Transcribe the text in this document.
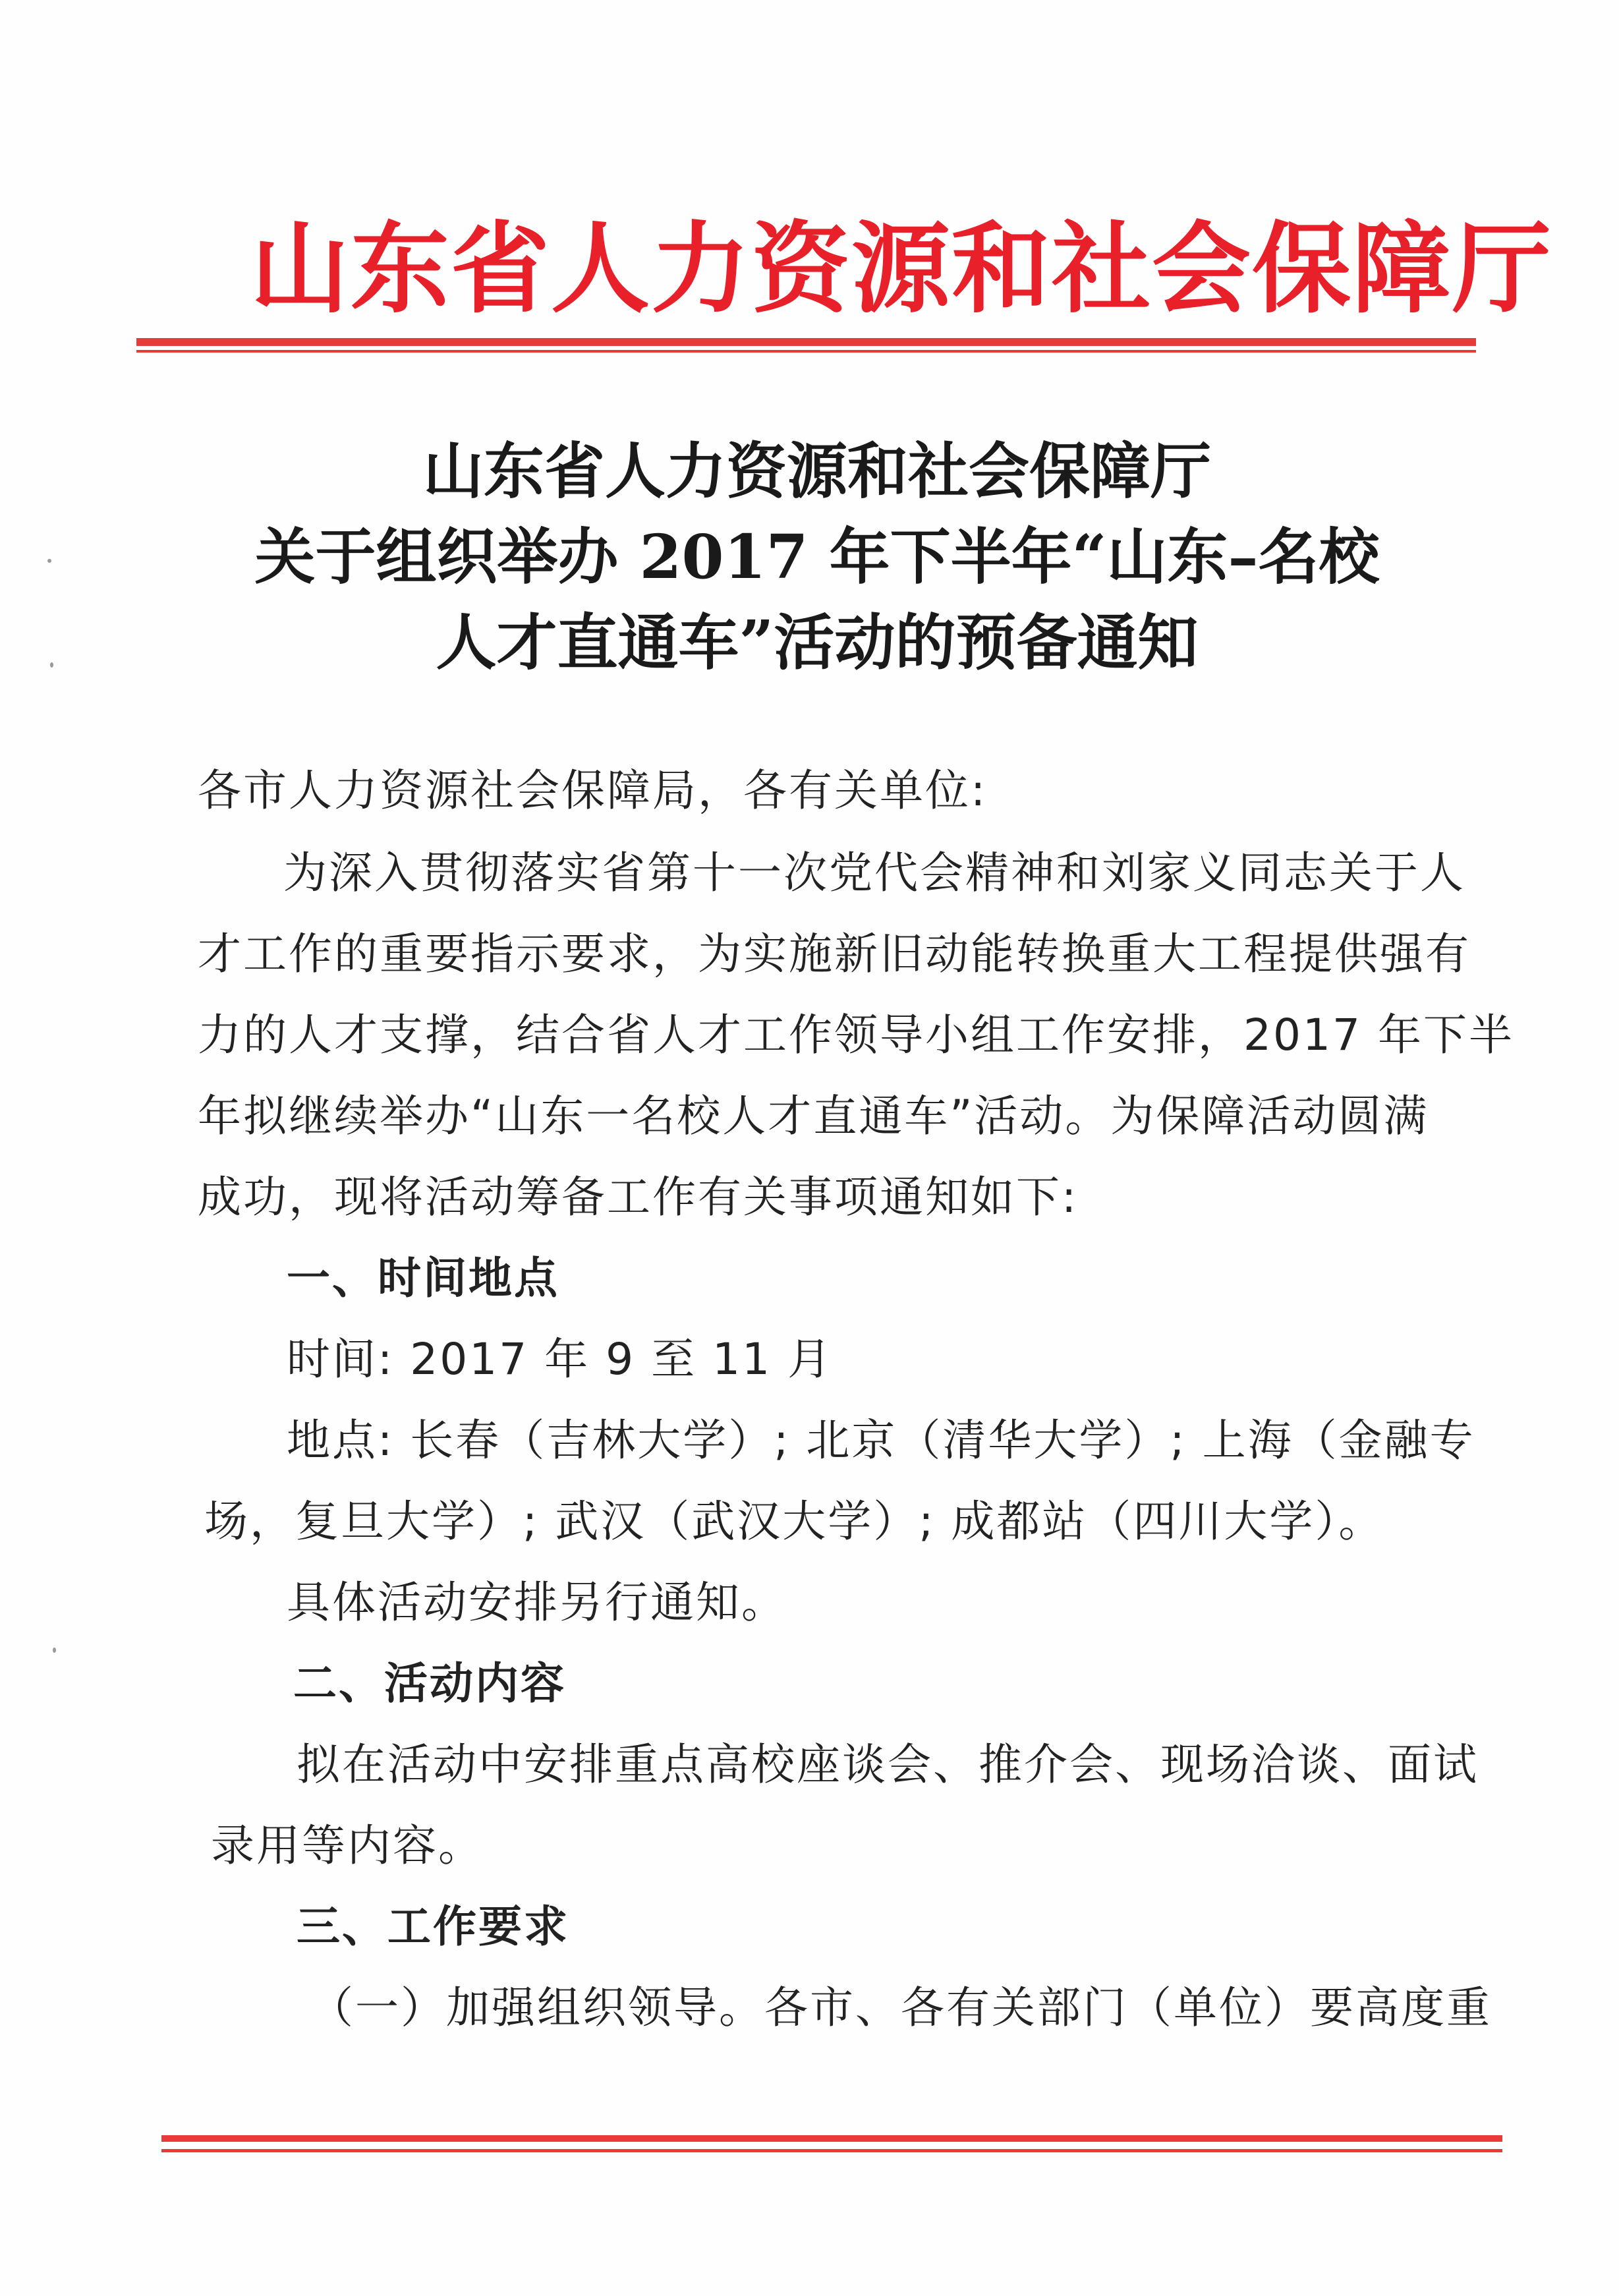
山东省人力资源和社会保障厅
山东省人力资源和社会保障厅
关于组织举办 2017 年下半年“山东–名校
人才直通车”活动的预备通知
各市人力资源社会保障局，各有关单位:
为深入贯彻落实省第十一次党代会精神和刘家义同志关于人
才工作的重要指示要求，为实施新旧动能转换重大工程提供强有
力的人才支撑，结合省人才工作领导小组工作安排，2017 年下半
年拟继续举办“山东一名校人才直通车”活动。为保障活动圆满
成功，现将活动筹备工作有关事项通知如下:
一、时间地点
时间: 2017 年 9 至 11 月
地点: 长春（吉林大学）; 北京（清华大学）; 上海（金融专
场，复旦大学）; 武汉（武汉大学）; 成都站（四川大学）。
具体活动安排另行通知。
二、活动内容
拟在活动中安排重点高校座谈会、推介会、现场洽谈、面试
录用等内容。
三、工作要求
（一）加强组织领导。各市、各有关部门（单位）要高度重
